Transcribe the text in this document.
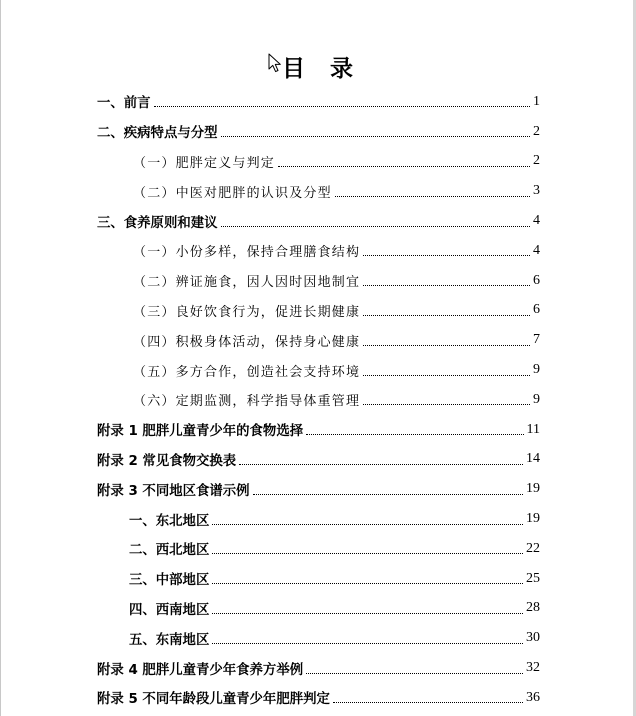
目　录
一、前言	1
二、疾病特点与分型	2
（一）肥胖定义与判定	2
（二）中医对肥胖的认识及分型	3
三、食养原则和建议	4
（一）小份多样，保持合理膳食结构	4
（二）辨证施食，因人因时因地制宜	6
（三）良好饮食行为，促进长期健康	6
（四）积极身体活动，保持身心健康	7
（五）多方合作，创造社会支持环境	9
（六）定期监测，科学指导体重管理	9
附录 1 肥胖儿童青少年的食物选择	11
附录 2 常见食物交换表	14
附录 3 不同地区食谱示例	19
一、东北地区	19
二、西北地区	22
三、中部地区	25
四、西南地区	28
五、东南地区	30
附录 4 肥胖儿童青少年食养方举例	32
附录 5 不同年龄段儿童青少年肥胖判定	36
